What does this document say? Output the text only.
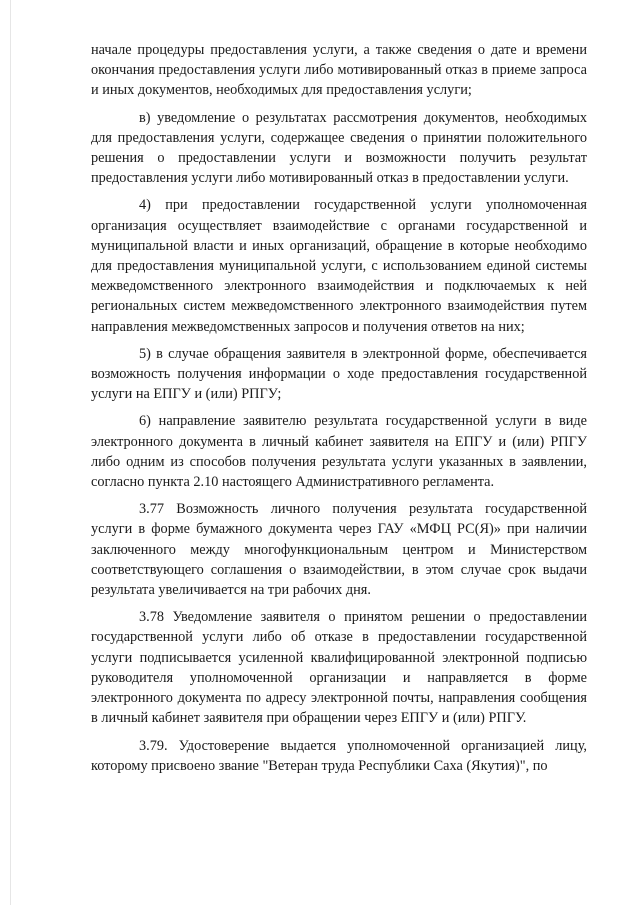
начале процедуры предоставления услуги, а также сведения о дате и времени окончания предоставления услуги либо мотивированный отказ в приеме запроса и иных документов, необходимых для предоставления услуги;

в) уведомление о результатах рассмотрения документов, необходимых для предоставления услуги, содержащее сведения о принятии положительного решения о предоставлении услуги и возможности получить результат предоставления услуги либо мотивированный отказ в предоставлении услуги.

4) при предоставлении государственной услуги уполномоченная организация осуществляет взаимодействие с органами государственной и муниципальной власти и иных организаций, обращение в которые необходимо для предоставления муниципальной услуги, с использованием единой системы межведомственного электронного взаимодействия и подключаемых к ней региональных систем межведомственного электронного взаимодействия путем направления межведомственных запросов и получения ответов на них;

5) в случае обращения заявителя в электронной форме, обеспечивается возможность получения информации о ходе предоставления государственной услуги на ЕПГУ и (или) РПГУ;

6) направление заявителю результата государственной услуги в виде электронного документа в личный кабинет заявителя на ЕПГУ и (или) РПГУ либо одним из способов получения результата услуги указанных в заявлении, согласно пункта 2.10 настоящего Административного регламента.

3.77 Возможность личного получения результата государственной услуги в форме бумажного документа через ГАУ «МФЦ РС(Я)» при наличии заключенного между многофункциональным центром и Министерством соответствующего соглашения о взаимодействии, в этом случае срок выдачи результата увеличивается на три рабочих дня.

3.78 Уведомление заявителя о принятом решении о предоставлении государственной услуги либо об отказе в предоставлении государственной услуги подписывается усиленной квалифицированной электронной подписью руководителя уполномоченной организации и направляется в форме электронного документа по адресу электронной почты, направления сообщения в личный кабинет заявителя при обращении через ЕПГУ и (или) РПГУ.

3.79. Удостоверение выдается уполномоченной организацией лицу, которому присвоено звание "Ветеран труда Республики Саха (Якутия)", по
